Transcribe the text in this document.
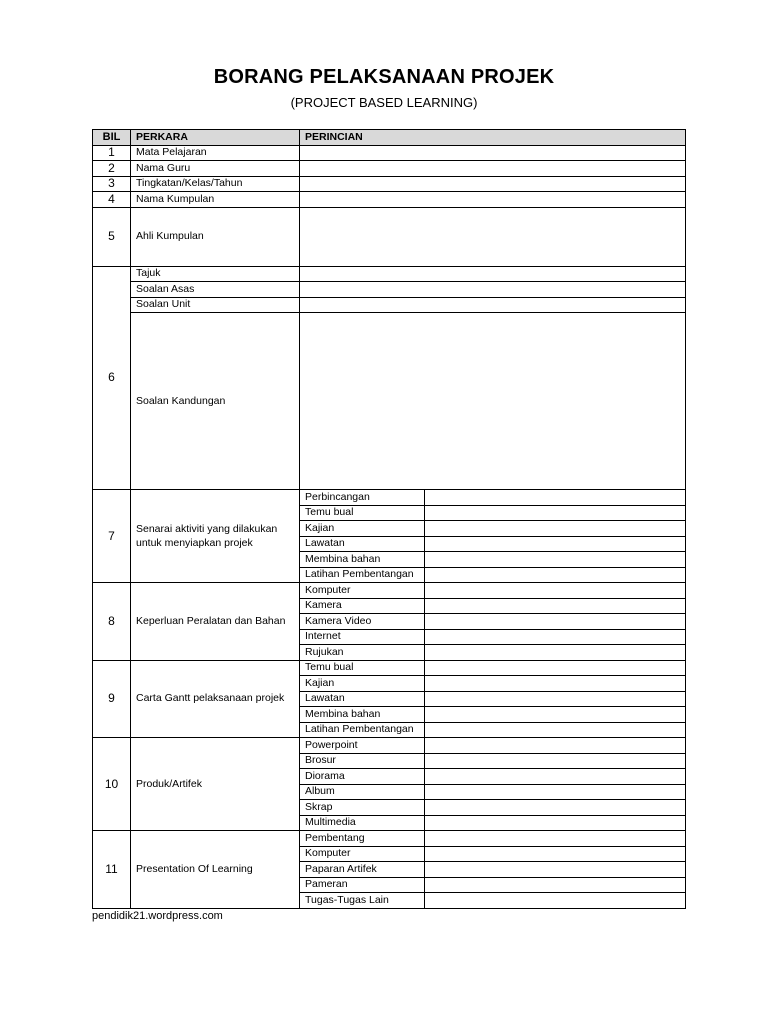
BORANG PELAKSANAAN PROJEK
(PROJECT BASED LEARNING)
BIL	PERKARA	PERINCIAN	
1	Mata Pelajaran		
2	Nama Guru		
3	Tingkatan/Kelas/Tahun		
4	Nama Kumpulan		
5	Ahli Kumpulan		
6	Tajuk		
	Soalan Asas		
	Soalan Unit		
	Soalan Kandungan		
7	Senarai aktiviti yang dilakukan untuk menyiapkan projek	Perbincangan	
		Temu bual	
		Kajian	
		Lawatan	
		Membina bahan	
		Latihan Pembentangan	
8	Keperluan Peralatan dan Bahan	Komputer	
		Kamera	
		Kamera Video	
		Internet	
		Rujukan	
9	Carta Gantt pelaksanaan projek	Temu bual	
		Kajian	
		Lawatan	
		Membina bahan	
		Latihan Pembentangan	
10	Produk/Artifek	Powerpoint	
		Brosur	
		Diorama	
		Album	
		Skrap	
		Multimedia	
11	Presentation Of Learning	Pembentang	
		Komputer	
		Paparan Artifek	
		Pameran	
		Tugas-Tugas Lain	
pendidik21.wordpress.com
